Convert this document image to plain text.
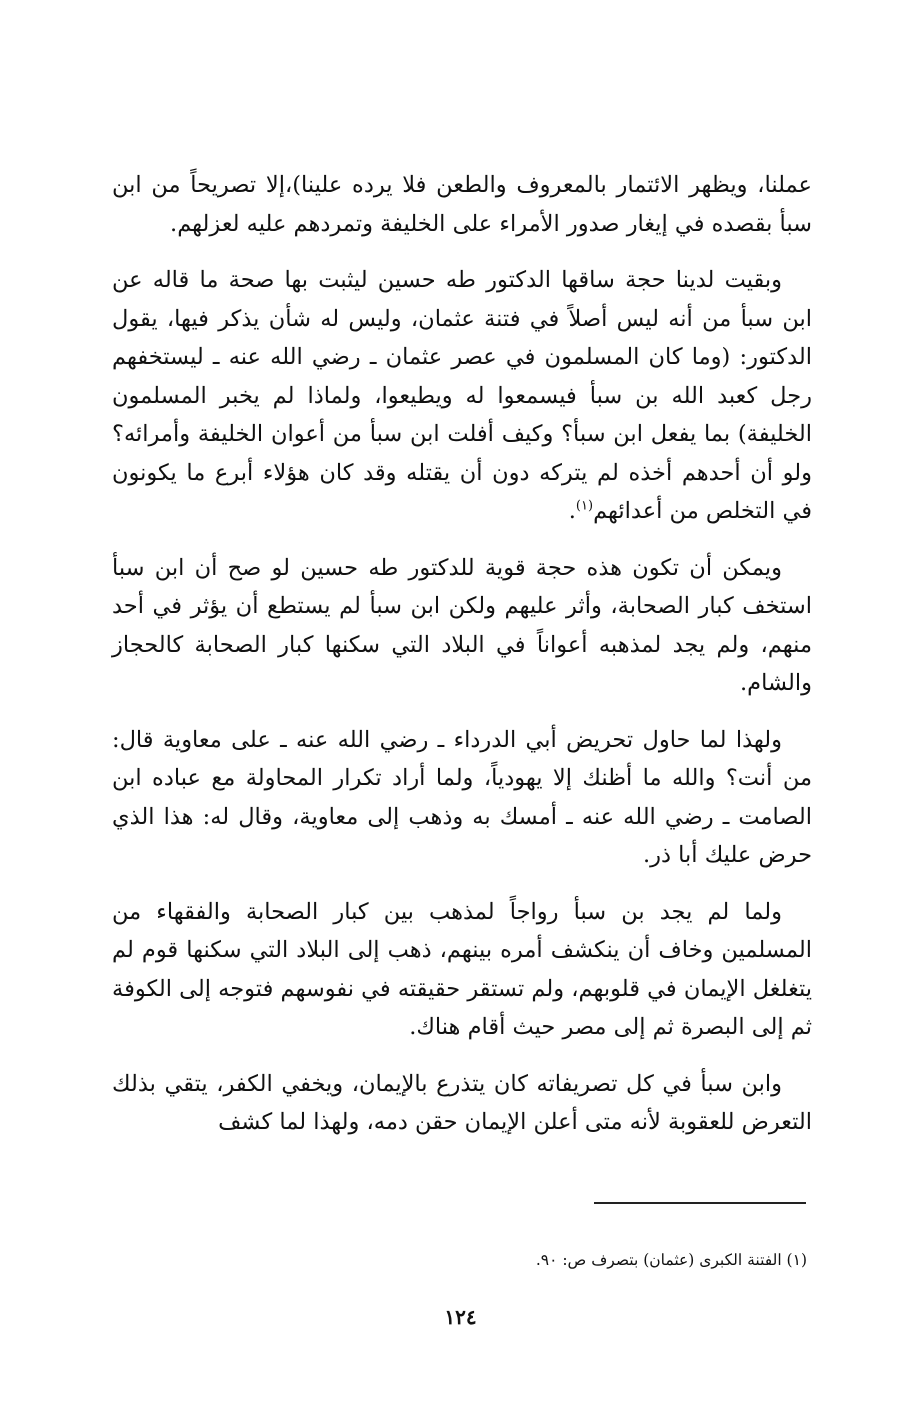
عملنا، ويظهر الائتمار بالمعروف والطعن فلا يرده علينا)،إلا تصريحاً من ابن سبأ بقصده في إيغار صدور الأمراء على الخليفة وتمردهم عليه لعزلهم.

وبقيت لدينا حجة ساقها الدكتور طه حسين ليثبت بها صحة ما قاله عن ابن سبأ من أنه ليس أصلاً في فتنة عثمان، وليس له شأن يذكر فيها، يقول الدكتور: (وما كان المسلمون في عصر عثمان ـ رضي الله عنه ـ ليستخفهم رجل كعبد الله بن سبأ فيسمعوا له ويطيعوا، ولماذا لم يخبر المسلمون الخليفة) بما يفعل ابن سبأ؟ وكيف أفلت ابن سبأ من أعوان الخليفة وأمرائه؟ ولو أن أحدهم أخذه لم يتركه دون أن يقتله وقد كان هؤلاء أبرع ما يكونون في التخلص من أعدائهم$^{(١)}$.

ويمكن أن تكون هذه حجة قوية للدكتور طه حسين لو صح أن ابن سبأ استخف كبار الصحابة، وأثر عليهم ولكن ابن سبأ لم يستطع أن يؤثر في أحد منهم، ولم يجد لمذهبه أعواناً في البلاد التي سكنها كبار الصحابة كالحجاز والشام.

ولهذا لما حاول تحريض أبي الدرداء ـ رضي الله عنه ـ على معاوية قال: من أنت؟ والله ما أظنك إلا يهودياً، ولما أراد تكرار المحاولة مع عباده ابن الصامت ـ رضي الله عنه ـ أمسك به وذهب إلى معاوية، وقال له: هذا الذي حرض عليك أبا ذر.

ولما لم يجد بن سبأ رواجاً لمذهب بين كبار الصحابة والفقهاء من المسلمين وخاف أن ينكشف أمره بينهم، ذهب إلى البلاد التي سكنها قوم لم يتغلغل الإيمان في قلوبهم، ولم تستقر حقيقته في نفوسهم فتوجه إلى الكوفة ثم إلى البصرة ثم إلى مصر حيث أقام هناك.

وابن سبأ في كل تصريفاته كان يتذرع بالإيمان، ويخفي الكفر، يتقي بذلك التعرض للعقوبة لأنه متى أعلن الإيمان حقن دمه، ولهذا لما كشف

(١) الفتنة الكبرى (عثمان) بتصرف ص: ٩٠.
١٢٤
